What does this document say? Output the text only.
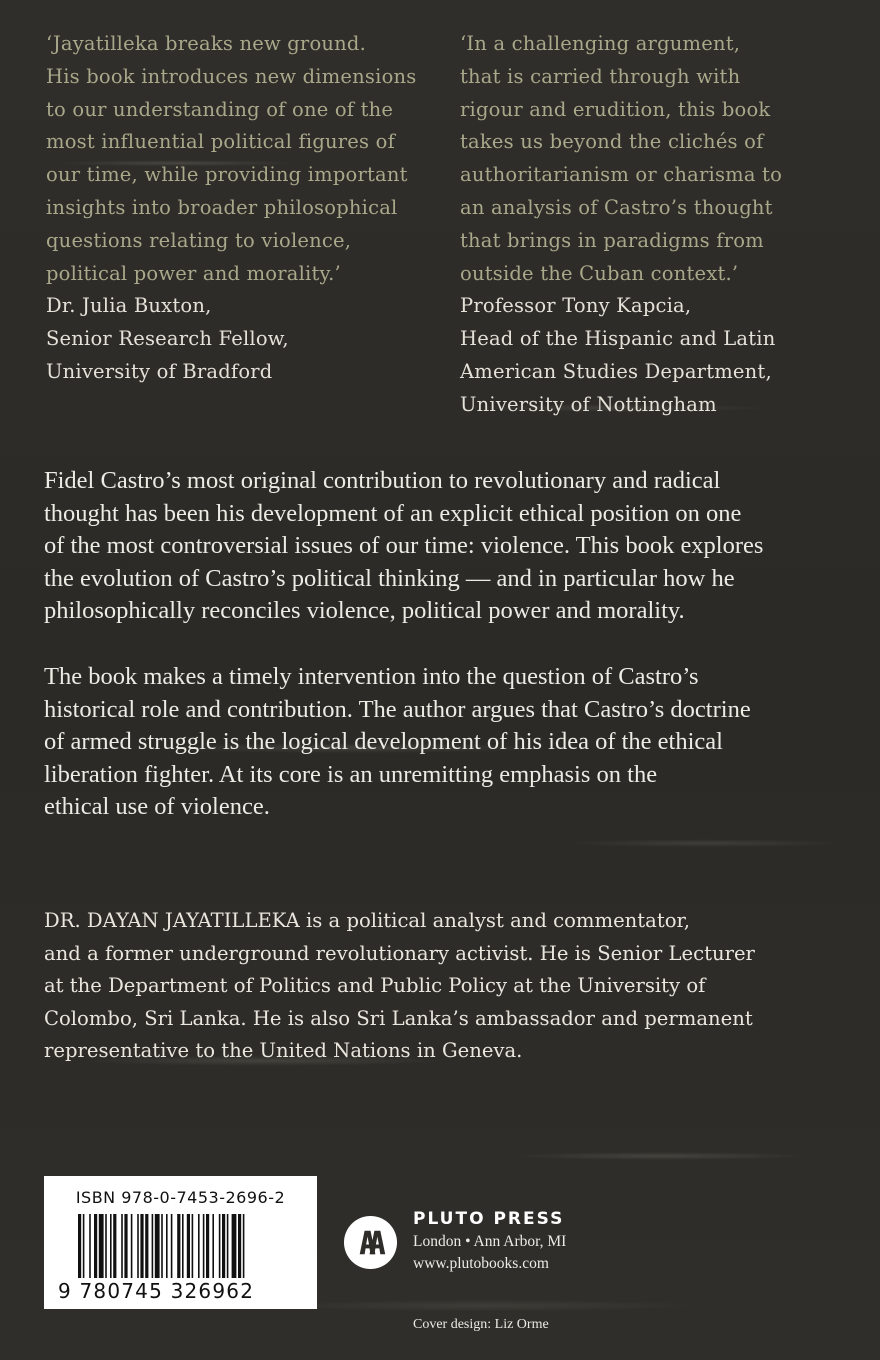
‘Jayatilleka breaks new ground.
His book introduces new dimensions
to our understanding of one of the
most influential political figures of
our time, while providing important
insights into broader philosophical
questions relating to violence,
political power and morality.’
Dr. Julia Buxton,
Senior Research Fellow,
University of Bradford
‘In a challenging argument,
that is carried through with
rigour and erudition, this book
takes us beyond the clichés of
authoritarianism or charisma to
an analysis of Castro’s thought
that brings in paradigms from
outside the Cuban context.’
Professor Tony Kapcia,
Head of the Hispanic and Latin
American Studies Department,
University of Nottingham

Fidel Castro’s most original contribution to revolutionary and radical
thought has been his development of an explicit ethical position on one
of the most controversial issues of our time: violence. This book explores
the evolution of Castro’s political thinking — and in particular how he
philosophically reconciles violence, political power and morality.

The book makes a timely intervention into the question of Castro’s
historical role and contribution. The author argues that Castro’s doctrine
of armed struggle is the logical development of his idea of the ethical
liberation fighter. At its core is an unremitting emphasis on the
ethical use of violence.

DR. DAYAN JAYATILLEKA is a political analyst and commentator,
and a former underground revolutionary activist. He is Senior Lecturer
at the Department of Politics and Public Policy at the University of
Colombo, Sri Lanka. He is also Sri Lanka’s ambassador and permanent
representative to the United Nations in Geneva.

ISBN 978-0-7453-2696-2
9 780745 326962
PLUTO PRESS
London • Ann Arbor, MI
www.plutobooks.com
Cover design: Liz Orme
